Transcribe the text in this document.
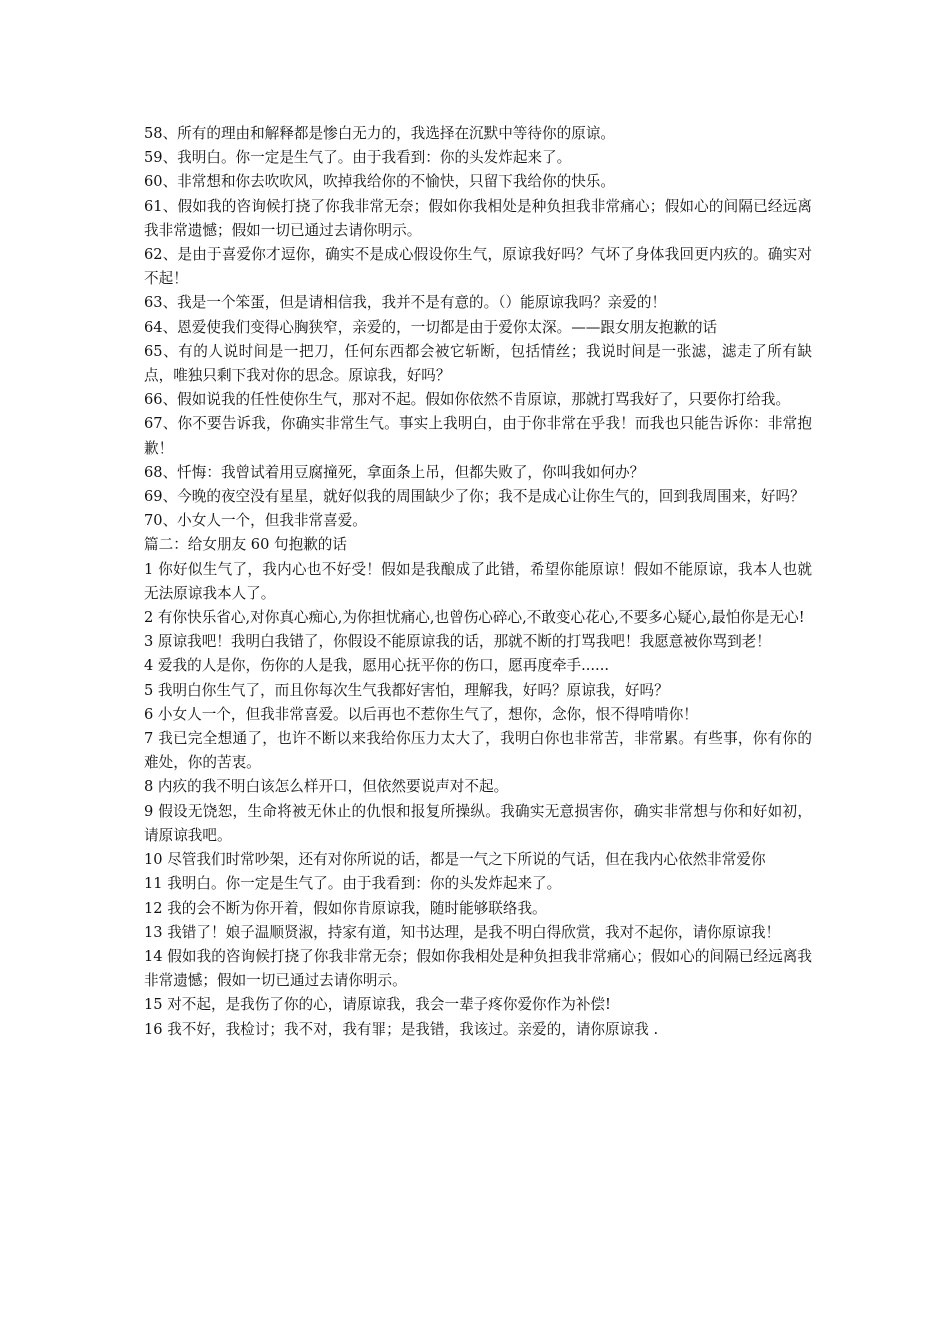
58、所有的理由和解释都是惨白无力的，我选择在沉默中等待你的原谅。

59、我明白。你一定是生气了。由于我看到：你的头发炸起来了。

60、非常想和你去吹吹风，吹掉我给你的不愉快，只留下我给你的快乐。

61、假如我的咨询候打挠了你我非常无奈；假如你我相处是种负担我非常痛心；假如心的间隔已经远离我非常遗憾；假如一切已通过去请你明示。

62、是由于喜爱你才逗你，确实不是成心假设你生气，原谅我好吗？气坏了身体我回更内疚的。确实对不起！

63、我是一个笨蛋，但是请相信我，我并不是有意的。（）能原谅我吗？亲爱的！

64、恩爱使我们变得心胸狭窄，亲爱的，一切都是由于爱你太深。——跟女朋友抱歉的话

65、有的人说时间是一把刀，任何东西都会被它斩断，包括情丝；我说时间是一张滤，滤走了所有缺点，唯独只剩下我对你的思念。原谅我，好吗？

66、假如说我的任性使你生气，那对不起。假如你依然不肯原谅，那就打骂我好了，只要你打给我。

67、你不要告诉我，你确实非常生气。事实上我明白，由于你非常在乎我！而我也只能告诉你：非常抱歉！

68、忏悔：我曾试着用豆腐撞死，拿面条上吊，但都失败了，你叫我如何办？

69、今晚的夜空没有星星，就好似我的周围缺少了你；我不是成心让你生气的，回到我周围来，好吗？

70、小女人一个，但我非常喜爱。

篇二：给女朋友 60 句抱歉的话

1 你好似生气了，我内心也不好受！假如是我酿成了此错，希望你能原谅！假如不能原谅，我本人也就无法原谅我本人了。

2 有你快乐省心,对你真心痴心,为你担忧痛心,也曾伤心碎心,不敢变心花心,不要多心疑心,最怕你是无心!

3 原谅我吧！我明白我错了，你假设不能原谅我的话，那就不断的打骂我吧！我愿意被你骂到老！

4 爱我的人是你，伤你的人是我，愿用心抚平你的伤口，愿再度牵手......

5 我明白你生气了，而且你每次生气我都好害怕，理解我，好吗？原谅我，好吗？

6 小女人一个，但我非常喜爱。以后再也不惹你生气了，想你，念你，恨不得啃啃你！

7 我已完全想通了，也许不断以来我给你压力太大了，我明白你也非常苦，非常累。有些事，你有你的难处，你的苦衷。

8 内疚的我不明白该怎么样开口，但依然要说声对不起。

9 假设无饶恕，生命将被无休止的仇恨和报复所操纵。我确实无意损害你，确实非常想与你和好如初，请原谅我吧。

10 尽管我们时常吵架，还有对你所说的话，都是一气之下所说的气话，但在我内心依然非常爱你

11 我明白。你一定是生气了。由于我看到：你的头发炸起来了。

12 我的会不断为你开着，假如你肯原谅我，随时能够联络我。

13 我错了！娘子温顺贤淑，持家有道，知书达理，是我不明白得欣赏，我对不起你，请你原谅我！

14 假如我的咨询候打挠了你我非常无奈；假如你我相处是种负担我非常痛心；假如心的间隔已经远离我非常遗憾；假如一切已通过去请你明示。

15 对不起，是我伤了你的心，请原谅我，我会一辈子疼你爱你作为补偿!

16 我不好，我检讨；我不对，我有罪；是我错，我该过。亲爱的，请你原谅我 .
